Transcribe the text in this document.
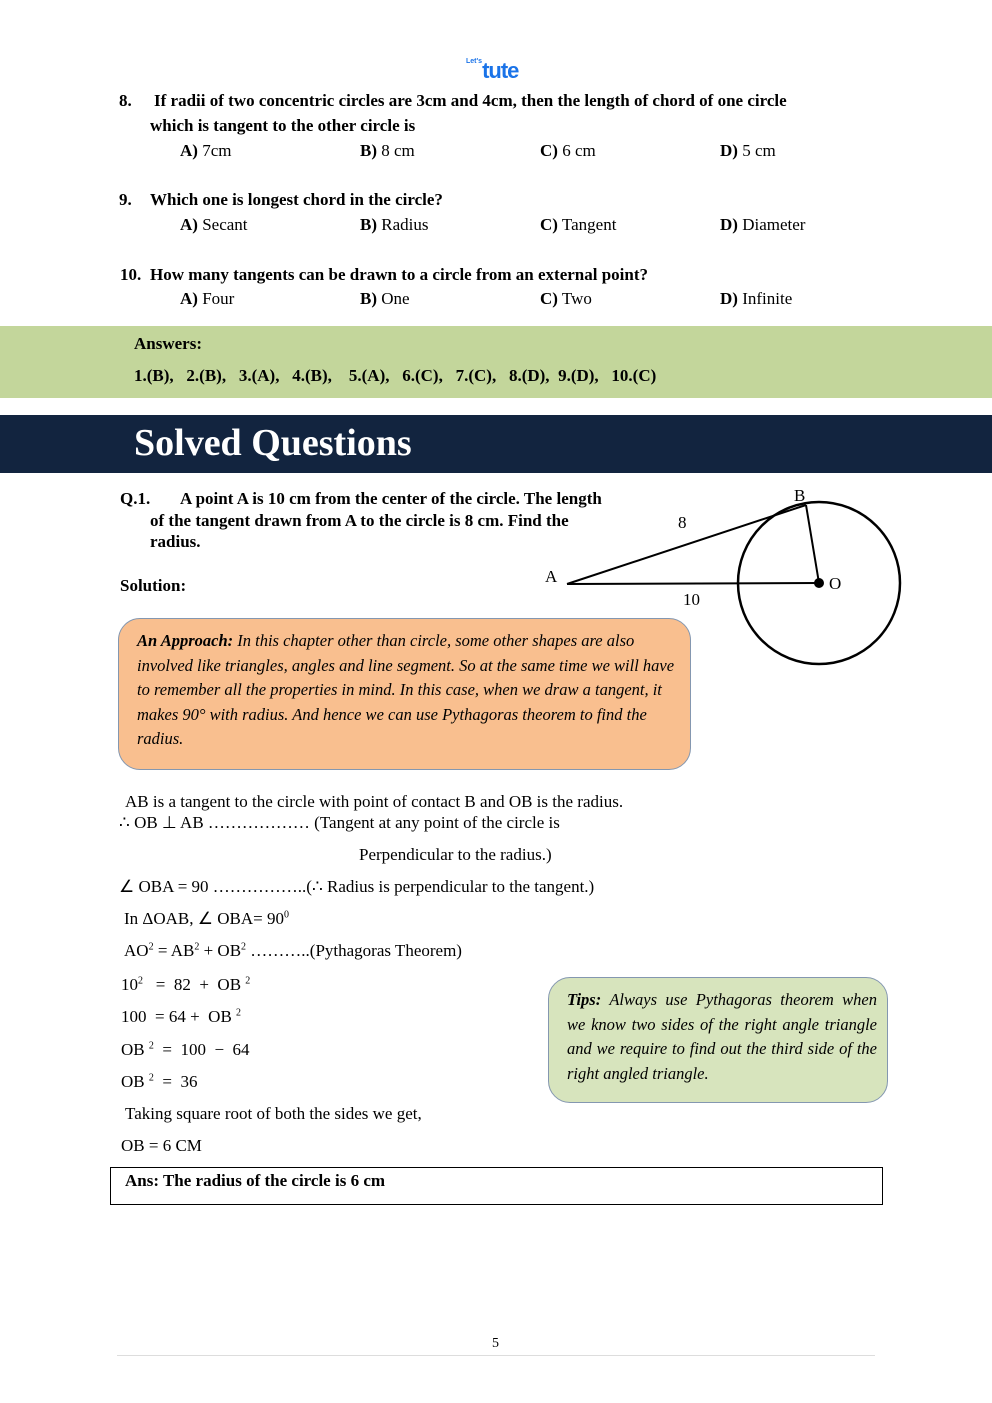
$^{Let's}$tute
8. If radii of two concentric circles are 3cm and 4cm, then the length of chord of one circle
which is tangent to the other circle is
A) 7cm	B) 8 cm	C) 6 cm	D) 5 cm
9. Which one is longest chord in the circle?
A) Secant	B) Radius	C) Tangent	D) Diameter
10. How many tangents can be drawn to a circle from an external point?
A) Four	B) One	C) Two	D) Infinite
Answers:
1.(B), 2.(B), 3.(A), 4.(B), 5.(A), 6.(C), 7.(C), 8.(D), 9.(D), 10.(C)
Solved Questions
Q.1. A point A is 10 cm from the center of the circle. The length
of the tangent drawn from A to the circle is 8 cm. Find the
radius.
Solution:	A
B
O
8
10
An Approach: In this chapter other than circle, some other shapes are also involved like triangles, angles and line segment. So at the same time we will have to remember all the properties in mind. In this case, when we draw a tangent, it makes 90° with radius. And hence we can use Pythagoras theorem to find the radius.
AB is a tangent to the circle with point of contact B and OB is the radius.
∴ OB ⊥ AB ……………… (Tangent at any point of the circle is
Perpendicular to the radius.)
∠ OBA = 90 ……………..(∴ Radius is perpendicular to the tangent.)
In ΔOAB, ∠ $OBA= 90^0$
$AO^2 = AB^2 + OB^2$ ………..(Pythagoras Theorem)
$10^2 = 82$  +  OB $^2$
100  = 64 +  OB $^2$
OB $^2$  =  100  −  64
OB $^2$  =  36
Taking square root of both the sides we get,
OB = 6 CM
Tips: Always use Pythagoras theorem when we know two sides of the right angle triangle and we require to find out the third side of the right angled triangle.
Ans: The radius of the circle is 6 cm
5
